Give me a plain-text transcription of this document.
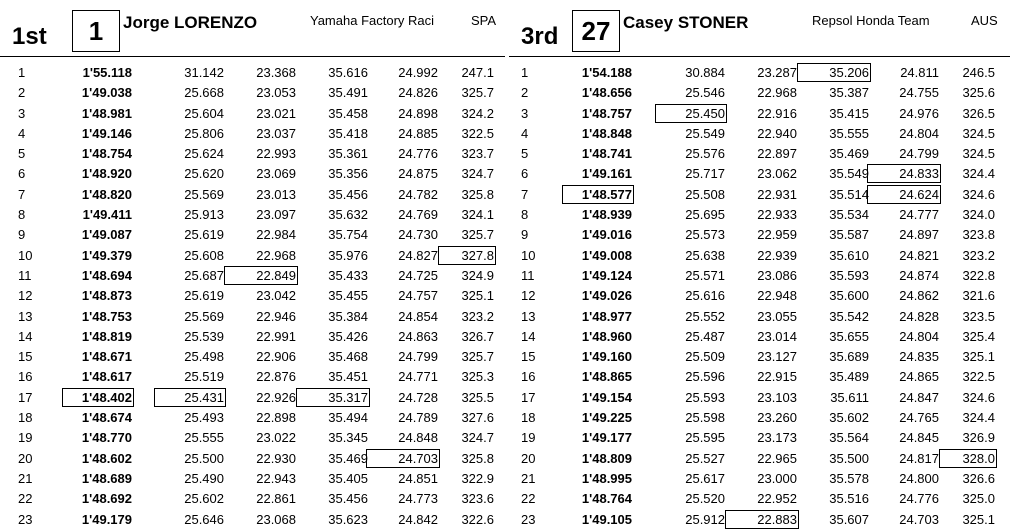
1st	1	Jorge LORENZO	Yamaha Factory Raci	SPA
1	1'55.118	31.142	23.368	35.616	24.992	247.1
2	1'49.038	25.668	23.053	35.491	24.826	325.7
3	1'48.981	25.604	23.021	35.458	24.898	324.2
4	1'49.146	25.806	23.037	35.418	24.885	322.5
5	1'48.754	25.624	22.993	35.361	24.776	323.7
6	1'48.920	25.620	23.069	35.356	24.875	324.7
7	1'48.820	25.569	23.013	35.456	24.782	325.8
8	1'49.411	25.913	23.097	35.632	24.769	324.1
9	1'49.087	25.619	22.984	35.754	24.730	325.7
10	1'49.379	25.608	22.968	35.976	24.827	327.8
11	1'48.694	25.687	22.849	35.433	24.725	324.9
12	1'48.873	25.619	23.042	35.455	24.757	325.1
13	1'48.753	25.569	22.946	35.384	24.854	323.2
14	1'48.819	25.539	22.991	35.426	24.863	326.7
15	1'48.671	25.498	22.906	35.468	24.799	325.7
16	1'48.617	25.519	22.876	35.451	24.771	325.3
17	1'48.402	25.431	22.926	35.317	24.728	325.5
18	1'48.674	25.493	22.898	35.494	24.789	327.6
19	1'48.770	25.555	23.022	35.345	24.848	324.7
20	1'48.602	25.500	22.930	35.469	24.703	325.8
21	1'48.689	25.490	22.943	35.405	24.851	322.9
22	1'48.692	25.602	22.861	35.456	24.773	323.6
23	1'49.179	25.646	23.068	35.623	24.842	322.6
3rd 27 Casey STONER	Repsol Honda Team	AUS
1	1'54.188	30.884	23.287	35.206	24.811	246.5
2	1'48.656	25.546	22.968	35.387	24.755	325.6
3	1'48.757	25.450	22.916	35.415	24.976	326.5
4	1'48.848	25.549	22.940	35.555	24.804	324.5
5	1'48.741	25.576	22.897	35.469	24.799	324.5
6	1'49.161	25.717	23.062	35.549	24.833	324.4
7	1'48.577	25.508	22.931	35.514	24.624	324.6
8	1'48.939	25.695	22.933	35.534	24.777	324.0
9	1'49.016	25.573	22.959	35.587	24.897	323.8
10	1'49.008	25.638	22.939	35.610	24.821	323.2
11	1'49.124	25.571	23.086	35.593	24.874	322.8
12	1'49.026	25.616	22.948	35.600	24.862	321.6
13	1'48.977	25.552	23.055	35.542	24.828	323.5
14	1'48.960	25.487	23.014	35.655	24.804	325.4
15	1'49.160	25.509	23.127	35.689	24.835	325.1
16	1'48.865	25.596	22.915	35.489	24.865	322.5
17	1'49.154	25.593	23.103	35.611	24.847	324.6
18	1'49.225	25.598	23.260	35.602	24.765	324.4
19	1'49.177	25.595	23.173	35.564	24.845	326.9
20	1'48.809	25.527	22.965	35.500	24.817	328.0
21	1'48.995	25.617	23.000	35.578	24.800	326.6
22	1'48.764	25.520	22.952	35.516	24.776	325.0
23	1'49.105	25.912	22.883	35.607	24.703	325.1
